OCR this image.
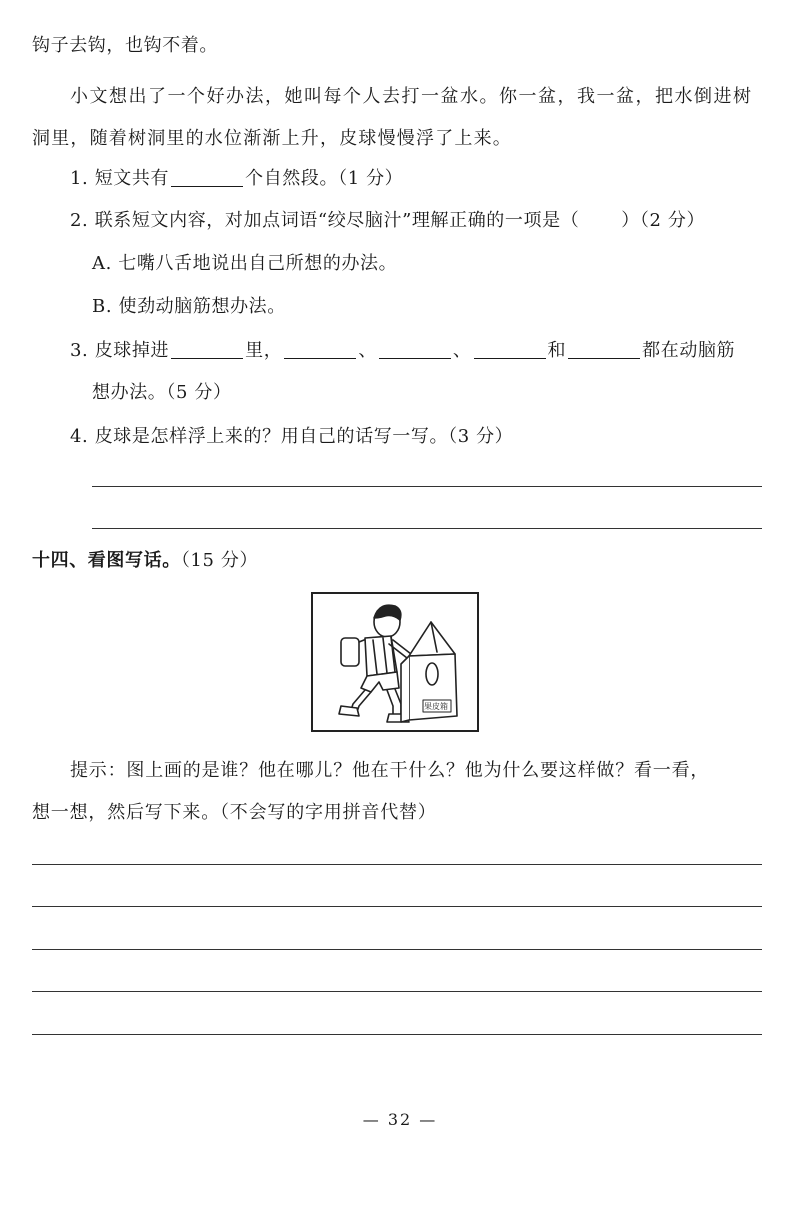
钩子去钩，也钩不着。
小文想出了一个好办法，她叫每个人去打一盆水。你一盆，我一盆，把水倒进树
洞里，随着树洞里的水位渐渐上升，皮球慢慢浮了上来。
1. 短文共有	个自然段。（1 分）
2. 联系短文内容，对加点词语“绞尽脑汁”理解正确的一项是（ ）（2 分）
A. 七嘴八舌地说出自己所想的办法。
B. 使劲动脑筋想办法。
3. 皮球掉进	里，	、	、	和	都在动脑筋
想办法。（5 分）
4. 皮球是怎样浮上来的？用自己的话写一写。（3 分）
十四、看图写话。（15 分）
果皮箱
提示：图上画的是谁？他在哪儿？他在干什么？他为什么要这样做？看一看，
想一想，然后写下来。（不会写的字用拼音代替）
— 32 —
